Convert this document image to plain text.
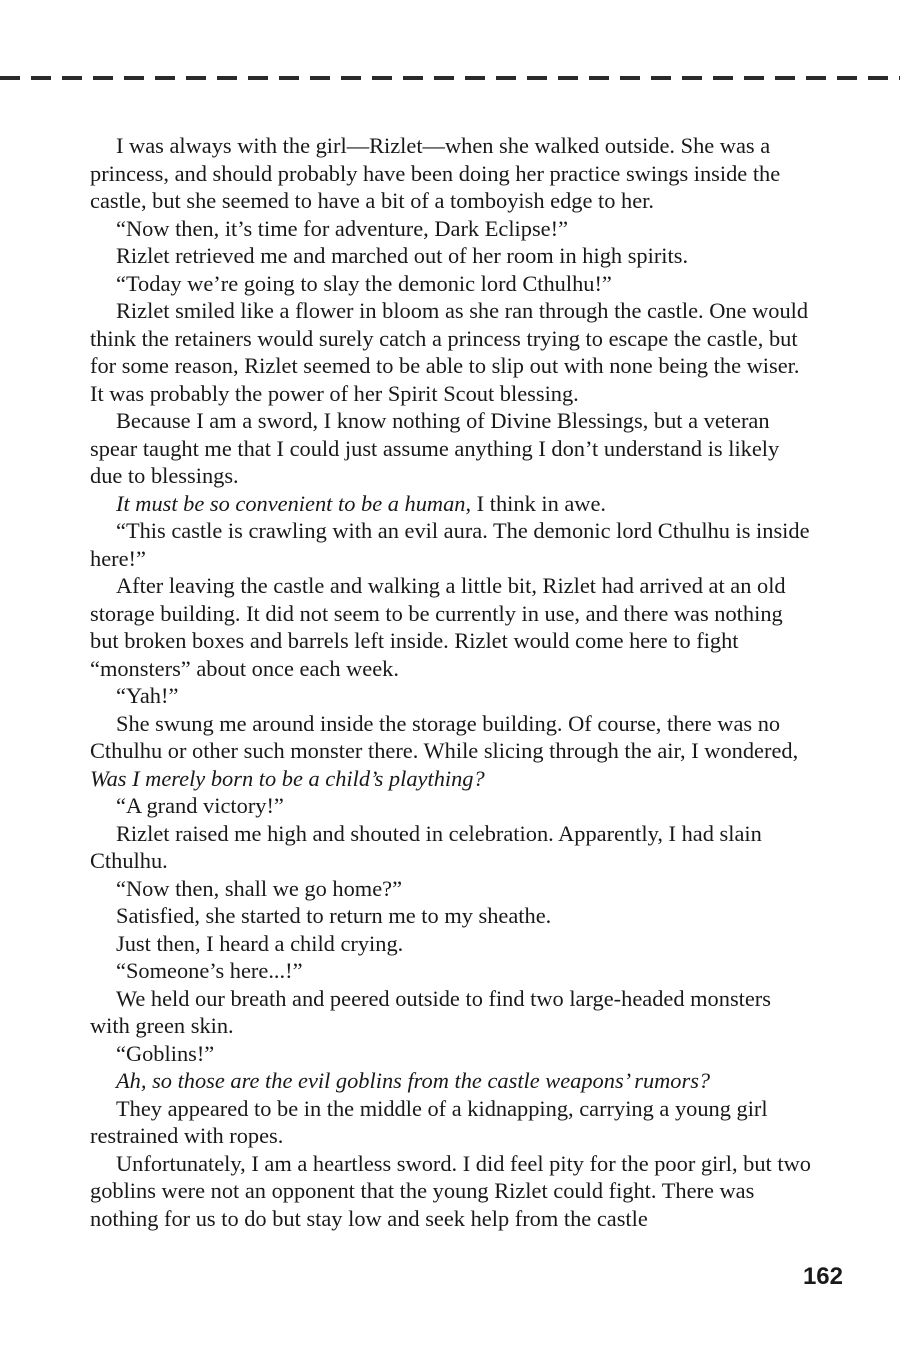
I was always with the girl—Rizlet—when she walked outside. She was a princess, and should probably have been doing her practice swings inside the castle, but she seemed to have a bit of a tomboyish edge to her.

“Now then, it’s time for adventure, Dark Eclipse!”

Rizlet retrieved me and marched out of her room in high spirits.

“Today we’re going to slay the demonic lord Cthulhu!”

Rizlet smiled like a flower in bloom as she ran through the castle. One would think the retainers would surely catch a princess trying to escape the castle, but for some reason, Rizlet seemed to be able to slip out with none being the wiser. It was probably the power of her Spirit Scout blessing.

Because I am a sword, I know nothing of Divine Blessings, but a veteran spear taught me that I could just assume anything I don’t understand is likely due to blessings.

It must be so convenient to be a human, I think in awe.

“This castle is crawling with an evil aura. The demonic lord Cthulhu is inside here!”

After leaving the castle and walking a little bit, Rizlet had arrived at an old storage building. It did not seem to be currently in use, and there was nothing but broken boxes and barrels left inside. Rizlet would come here to fight “monsters” about once each week.

“Yah!”

She swung me around inside the storage building. Of course, there was no Cthulhu or other such monster there. While slicing through the air, I wondered, Was I merely born to be a child’s plaything?

“A grand victory!”

Rizlet raised me high and shouted in celebration. Apparently, I had slain Cthulhu.

“Now then, shall we go home?”

Satisfied, she started to return me to my sheathe.

Just then, I heard a child crying.

“Someone’s here...!”

We held our breath and peered outside to find two large-headed monsters with green skin.

“Goblins!”

Ah, so those are the evil goblins from the castle weapons’ rumors?

They appeared to be in the middle of a kidnapping, carrying a young girl restrained with ropes.

Unfortunately, I am a heartless sword. I did feel pity for the poor girl, but two goblins were not an opponent that the young Rizlet could fight. There was nothing for us to do but stay low and seek help from the castle

162
